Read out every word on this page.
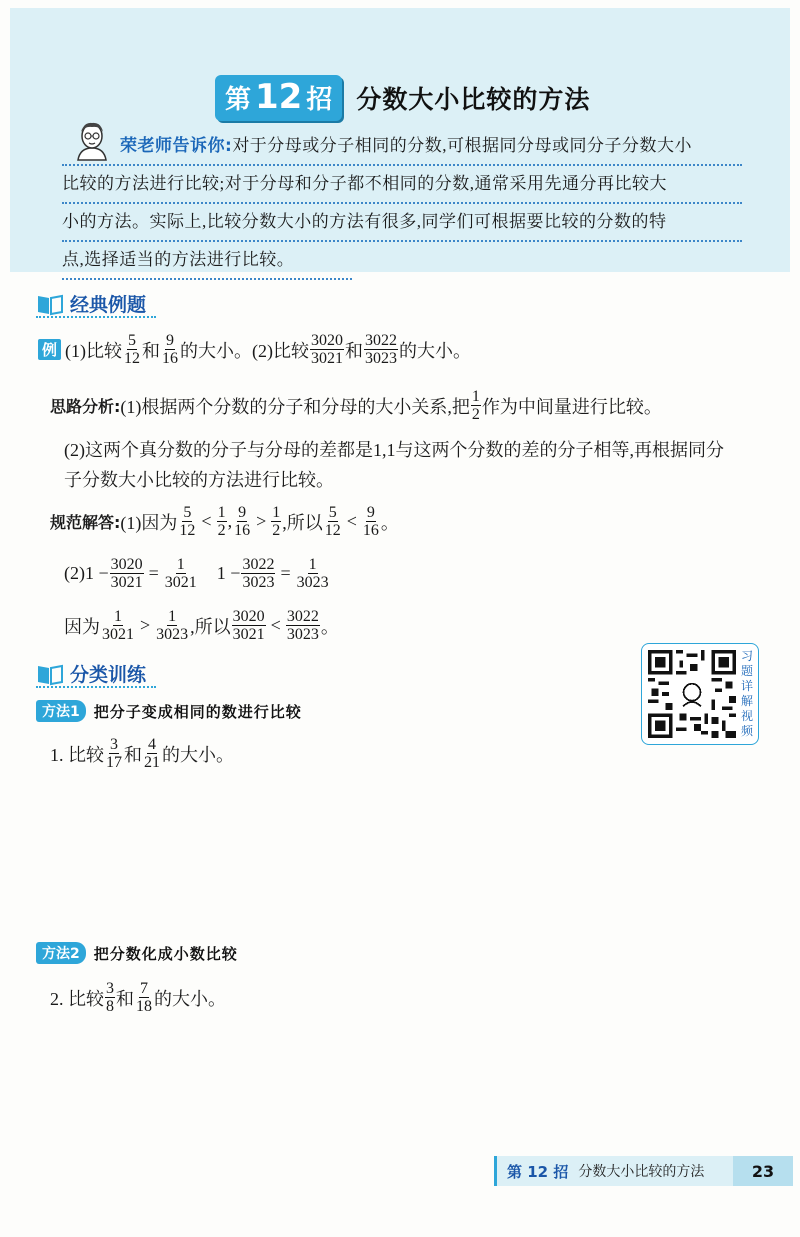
第 12 招 分数大小比较的方法
荣老师告诉你:对于分母或分子相同的分数,可根据同分母或同分子分数大小
比较的方法进行比较;对于分母和分子都不相同的分数,通常采用先通分再比较大
小的方法。实际上,比较分数大小的方法有很多,同学们可根据要比较的分数的特
点,选择适当的方法进行比较。
经典例题
例 (1)比较 $\frac{5}{12}$ 和 $\frac{9}{16}$ 的大小。(2)比较 $\frac{3020}{3021}$ 和 $\frac{3022}{3023}$ 的大小。
思路分析: (1)根据两个分数的分子和分母的大小关系,把 $\frac{1}{2}$ 作为中间量进行比较。
(2)这两个真分数的分子与分母的差都是1,1与这两个分数的差的分子相等,再根据同分
子分数大小比较的方法进行比较。
规范解答: (1)因为 $\frac{5}{12} < \frac{1}{2}$ , $\frac{9}{16} > \frac{1}{2}$ ,所以 $\frac{5}{12} < \frac{9}{16}$ 。
$(2)1 - \frac{3020}{3021} = \frac{1}{3021} 1 - \frac{3022}{3023} = \frac{1}{3023}$
因为 $\frac{1}{3021} > \frac{1}{3023}$ ,所以 $\frac{3020}{3021} < \frac{3022}{3023}$ 。
习
题
详
解
视
频
分类训练
方法1 把分子变成相同的数进行比较
1. 比较 $\frac{3}{17}$ 和 $\frac{4}{21}$ 的大小。
方法2 把分数化成小数比较
2. 比较 $\frac{3}{8}$ 和 $\frac{7}{18}$ 的大小。
第 12 招 分数大小比较的方法	23
